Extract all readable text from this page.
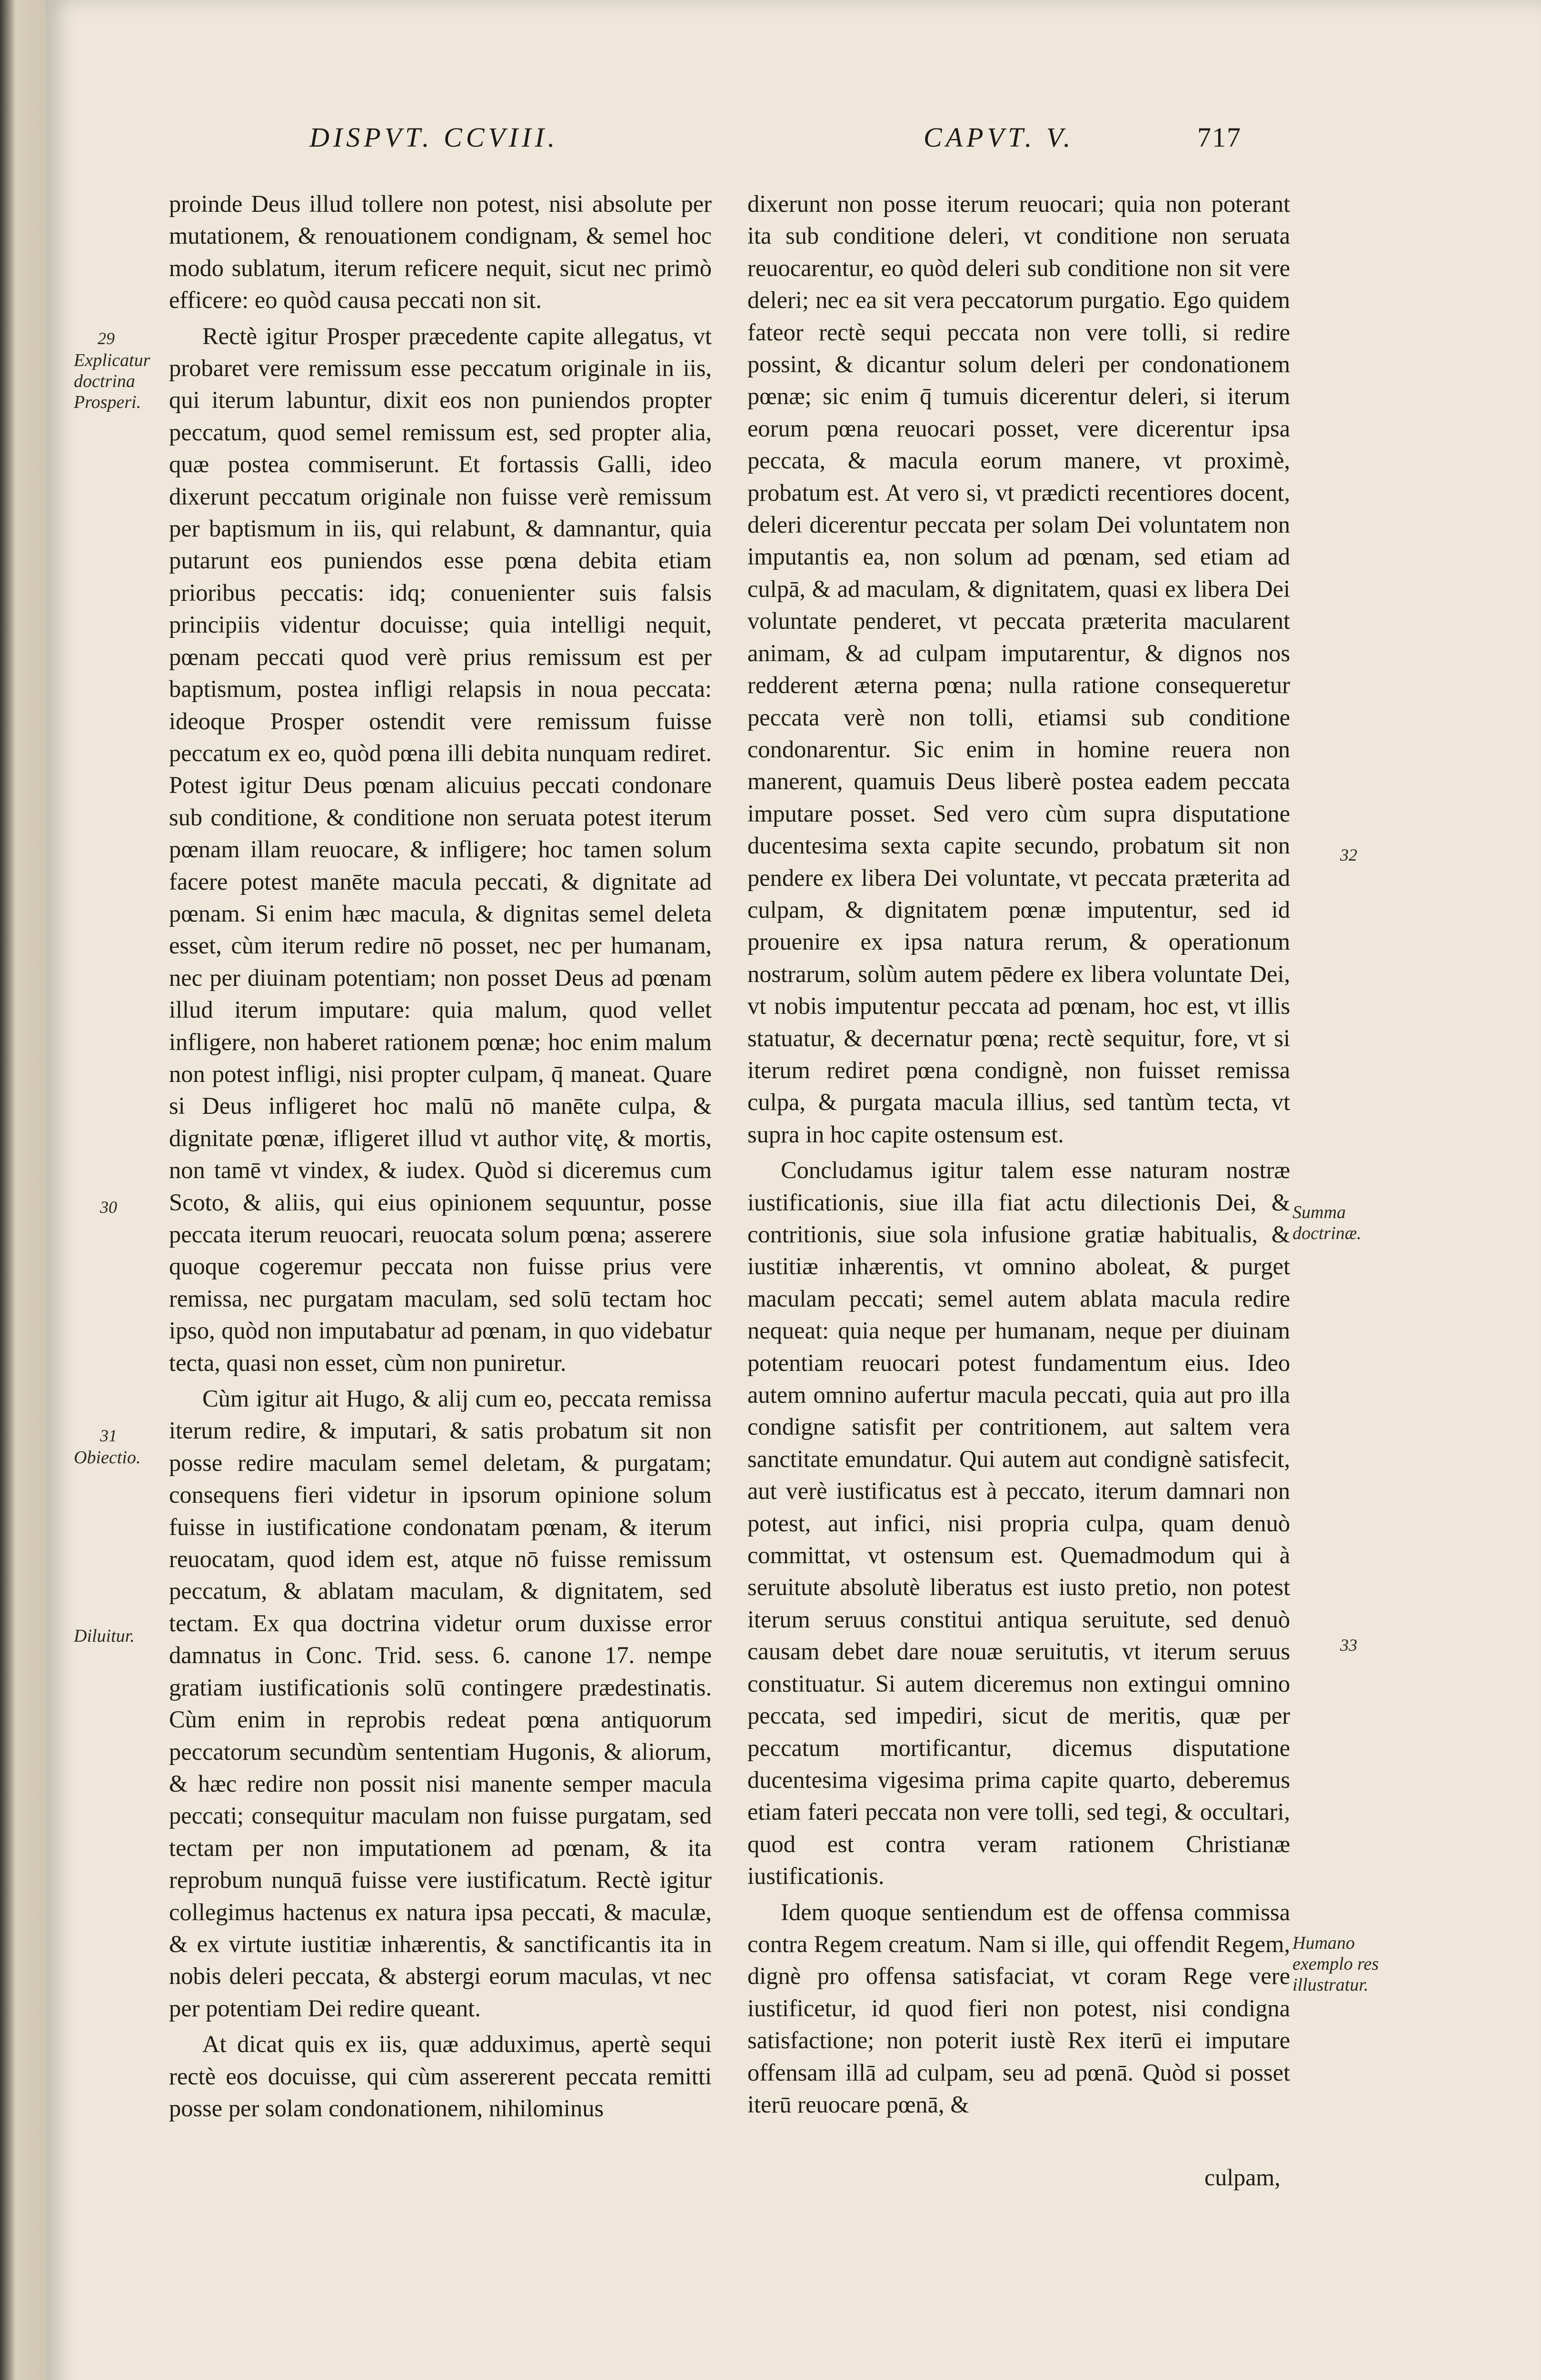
DISPVT. CCVIII.	CAPVT. V.	717
29
Explicatur doctrina Prosperi.
30
31
Obiectio.
Diluitur.

proinde Deus illud tollere non potest, nisi absolute per mutationem, & renouationem condignam, & semel hoc modo sublatum, iterum reficere nequit, sicut nec primò efficere: eo quòd causa peccati non sit.

Rectè igitur Prosper præcedente capite allegatus, vt probaret vere remissum esse peccatum originale in iis, qui iterum labuntur, dixit eos non puniendos propter peccatum, quod semel remissum est, sed propter alia, quæ postea commiserunt. Et fortassis Galli, ideo dixerunt peccatum originale non fuisse verè remissum per baptismum in iis, qui relabunt, & damnantur, quia putarunt eos puniendos esse pœna debita etiam prioribus peccatis: idq; conuenienter suis falsis principiis videntur docuisse; quia intelligi nequit, pœnam peccati quod verè prius remissum est per baptismum, postea infligi relapsis in noua peccata: ideoque Prosper ostendit vere remissum fuisse peccatum ex eo, quòd pœna illi debita nunquam rediret. Potest igitur Deus pœnam alicuius peccati condonare sub conditione, & conditione non seruata potest iterum pœnam illam reuocare, & infligere; hoc tamen solum facere potest manēte macula peccati, & dignitate ad pœnam. Si enim hæc macula, & dignitas semel deleta esset, cùm iterum redire nō posset, nec per humanam, nec per diuinam potentiam; non posset Deus ad pœnam illud iterum imputare: quia malum, quod vellet infligere, non haberet rationem pœnæ; hoc enim malum non potest infligi, nisi propter culpam, q̄ maneat. Quare si Deus infligeret hoc malū nō manēte culpa, & dignitate pœnæ, ifligeret illud vt author vitę, & mortis, non tamē vt vindex, & iudex. Quòd si diceremus cum Scoto, & aliis, qui eius opinionem sequuntur, posse peccata iterum reuocari, reuocata solum pœna; asserere quoque cogeremur peccata non fuisse prius vere remissa, nec purgatam maculam, sed solū tectam hoc ipso, quòd non imputabatur ad pœnam, in quo videbatur tecta, quasi non esset, cùm non puniretur.

Cùm igitur ait Hugo, & alij cum eo, peccata remissa iterum redire, & imputari, & satis probatum sit non posse redire maculam semel deletam, & purgatam; consequens fieri videtur in ipsorum opinione solum fuisse in iustificatione condonatam pœnam, & iterum reuocatam, quod idem est, atque nō fuisse remissum peccatum, & ablatam maculam, & dignitatem, sed tectam. Ex qua doctrina videtur orum duxisse error damnatus in Conc. Trid. sess. 6. canone 17. nempe gratiam iustificationis solū contingere prædestinatis. Cùm enim in reprobis redeat pœna antiquorum peccatorum secundùm sententiam Hugonis, & aliorum, & hæc redire non possit nisi manente semper macula peccati; consequitur maculam non fuisse purgatam, sed tectam per non imputationem ad pœnam, & ita reprobum nunquā fuisse vere iustificatum. Rectè igitur collegimus hactenus ex natura ipsa peccati, & maculæ, & ex virtute iustitiæ inhærentis, & sanctificantis ita in nobis deleri peccata, & abstergi eorum maculas, vt nec per potentiam Dei redire queant.

At dicat quis ex iis, quæ adduximus, apertè sequi rectè eos docuisse, qui cùm assererent peccata remitti posse per solam condonationem, nihilominus

dixerunt non posse iterum reuocari; quia non poterant ita sub conditione deleri, vt conditione non seruata reuocarentur, eo quòd deleri sub conditione non sit vere deleri; nec ea sit vera peccatorum purgatio. Ego quidem fateor rectè sequi peccata non vere tolli, si redire possint, & dicantur solum deleri per condonationem pœnæ; sic enim q̄ tumuis dicerentur deleri, si iterum eorum pœna reuocari posset, vere dicerentur ipsa peccata, & macula eorum manere, vt proximè, probatum est. At vero si, vt prædicti recentiores docent, deleri dicerentur peccata per solam Dei voluntatem non imputantis ea, non solum ad pœnam, sed etiam ad culpā, & ad maculam, & dignitatem, quasi ex libera Dei voluntate penderet, vt peccata præterita macularent animam, & ad culpam imputarentur, & dignos nos redderent æterna pœna; nulla ratione consequeretur peccata verè non tolli, etiamsi sub conditione condonarentur. Sic enim in homine reuera non manerent, quamuis Deus liberè postea eadem peccata imputare posset. Sed vero cùm supra disputatione ducentesima sexta capite secundo, probatum sit non pendere ex libera Dei voluntate, vt peccata præterita ad culpam, & dignitatem pœnæ imputentur, sed id prouenire ex ipsa natura rerum, & operationum nostrarum, solùm autem pēdere ex libera voluntate Dei, vt nobis imputentur peccata ad pœnam, hoc est, vt illis statuatur, & decernatur pœna; rectè sequitur, fore, vt si iterum rediret pœna condignè, non fuisset remissa culpa, & purgata macula illius, sed tantùm tecta, vt supra in hoc capite ostensum est.

Concludamus igitur talem esse naturam nostræ iustificationis, siue illa fiat actu dilectionis Dei, & contritionis, siue sola infusione gratiæ habitualis, & iustitiæ inhærentis, vt omnino aboleat, & purget maculam peccati; semel autem ablata macula redire nequeat: quia neque per humanam, neque per diuinam potentiam reuocari potest fundamentum eius. Ideo autem omnino aufertur macula peccati, quia aut pro illa condigne satisfit per contritionem, aut saltem vera sanctitate emundatur. Qui autem aut condignè satisfecit, aut verè iustificatus est à peccato, iterum damnari non potest, aut infici, nisi propria culpa, quam denuò committat, vt ostensum est. Quemadmodum qui à seruitute absolutè liberatus est iusto pretio, non potest iterum seruus constitui antiqua seruitute, sed denuò causam debet dare nouæ seruitutis, vt iterum seruus constituatur. Si autem diceremus non extingui omnino peccata, sed impediri, sicut de meritis, quæ per peccatum mortificantur, dicemus disputatione ducentesima vigesima prima capite quarto, deberemus etiam fateri peccata non vere tolli, sed tegi, & occultari, quod est contra veram rationem Christianæ iustificationis.

Idem quoque sentiendum est de offensa commissa contra Regem creatum. Nam si ille, qui offendit Regem, dignè pro offensa satisfaciat, vt coram Rege vere iustificetur, id quod fieri non potest, nisi condigna satisfactione; non poterit iustè Rex iterū ei imputare offensam illā ad culpam, seu ad pœnā. Quòd si posset iterū reuocare pœnā, &

32
Summa doctrinæ.
33
Humano exemplo res illustratur.
culpam,
